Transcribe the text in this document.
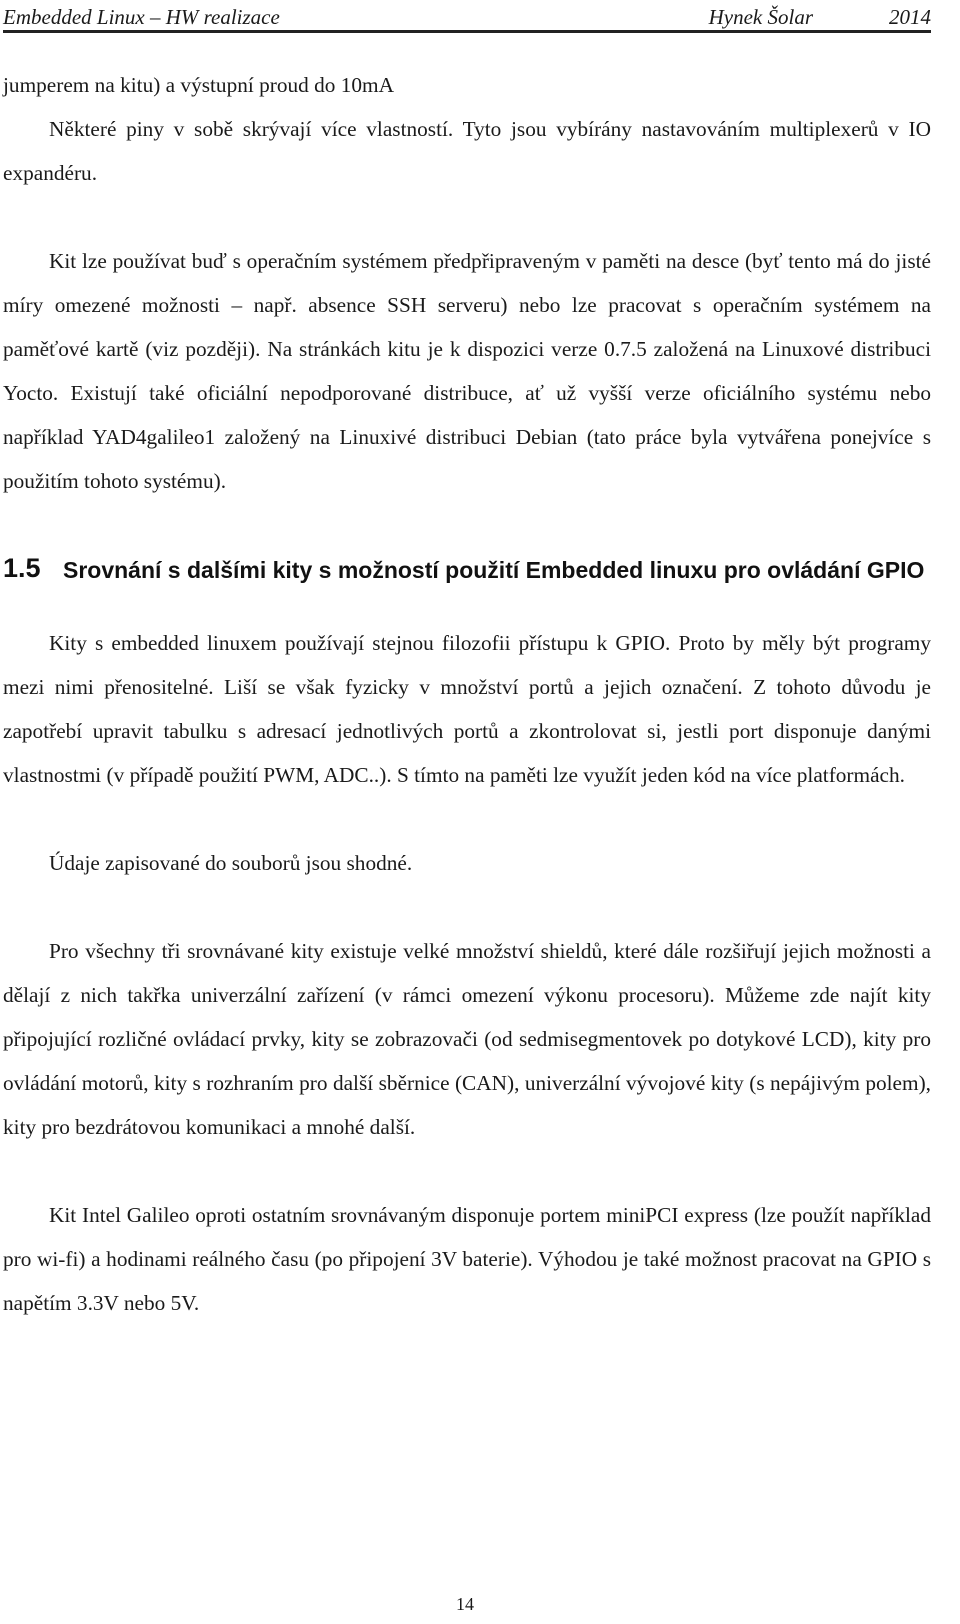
Embedded Linux – HW realizace	Hynek Šolar	2014

jumperem na kitu) a výstupní proud do 10mA

Některé piny v sobě skrývají více vlastností. Tyto jsou vybírány nastavováním multiplexerů v IO expandéru.

Kit lze používat buď s operačním systémem předpřipraveným v paměti na desce (byť tento má do jisté míry omezené možnosti – např. absence SSH serveru) nebo lze pracovat s operačním systémem na paměťové kartě (viz později). Na stránkách kitu je k dispozici verze 0.7.5 založená na Linuxové distribuci Yocto. Existují také oficiální nepodporované distribuce, ať už vyšší verze oficiálního systému nebo například YAD4galileo1 založený na Linuxivé distribuci Debian (tato práce byla vytvářena ponejvíce s použitím tohoto systému).

1.5 Srovnání s dalšími kity s možností použití Embedded linuxu pro ovládání GPIO

Kity s embedded linuxem používají stejnou filozofii přístupu k GPIO. Proto by měly být programy mezi nimi přenositelné. Liší se však fyzicky v množství portů a jejich označení. Z tohoto důvodu je zapotřebí upravit tabulku s adresací jednotlivých portů a zkontrolovat si, jestli port disponuje danými vlastnostmi (v případě použití PWM, ADC..). S tímto na paměti lze využít jeden kód na více platformách.

Údaje zapisované do souborů jsou shodné.

Pro všechny tři srovnávané kity existuje velké množství shieldů, které dále rozšiřují jejich možnosti a dělají z nich takřka univerzální zařízení (v rámci omezení výkonu procesoru). Můžeme zde najít kity připojující rozličné ovládací prvky, kity se zobrazovači (od sedmisegmentovek po dotykové LCD), kity pro ovládání motorů, kity s rozhraním pro další sběrnice (CAN), univerzální vývojové kity (s nepájivým polem), kity pro bezdrátovou komunikaci a mnohé další.

Kit Intel Galileo oproti ostatním srovnávaným disponuje portem miniPCI express (lze použít například pro wi-fi) a hodinami reálného času (po připojení 3V baterie). Výhodou je také možnost pracovat na GPIO s napětím 3.3V nebo 5V.

14
